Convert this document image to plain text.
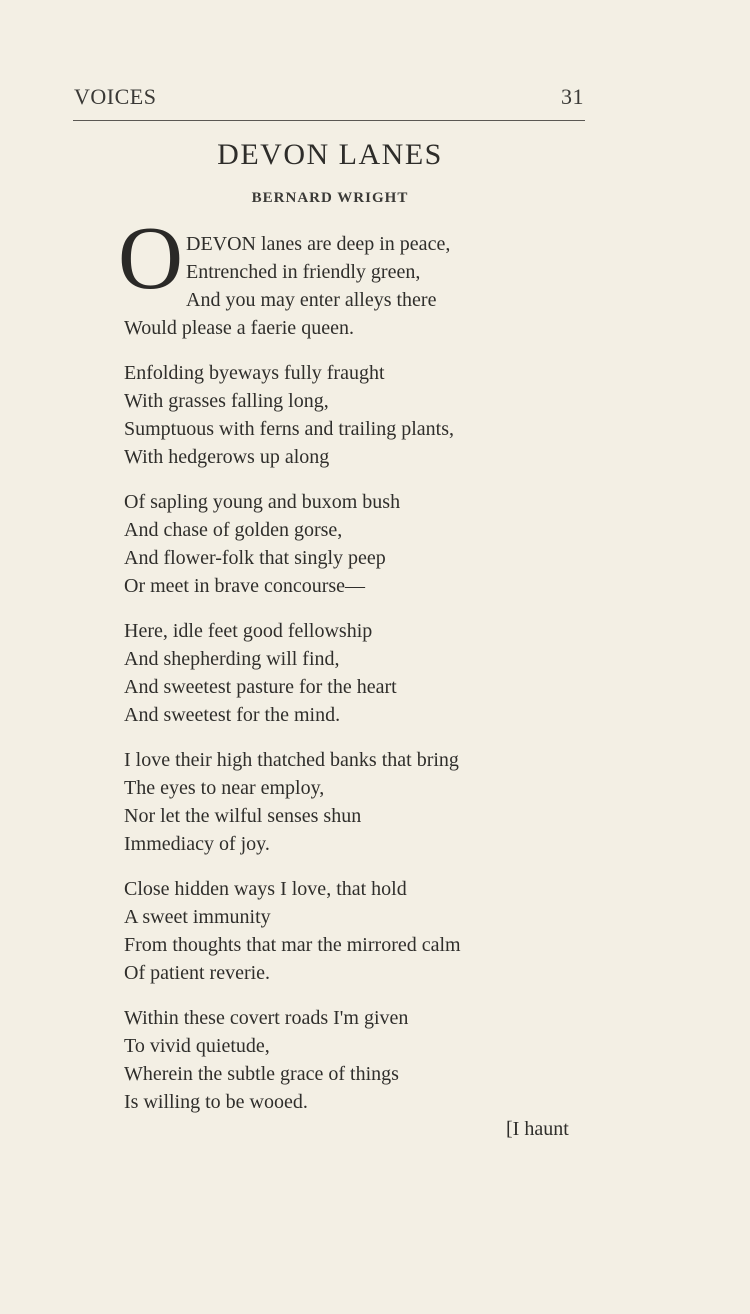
VOICES	31
DEVON LANES
BERNARD WRIGHT
O DEVON lanes are deep in peace,
Entrenched in friendly green,
And you may enter alleys there
Would please a faerie queen.
Enfolding byeways fully fraught
With grasses falling long,
Sumptuous with ferns and trailing plants,
With hedgerows up along
Of sapling young and buxom bush
And chase of golden gorse,
And flower-folk that singly peep
Or meet in brave concourse—
Here, idle feet good fellowship
And shepherding will find,
And sweetest pasture for the heart
And sweetest for the mind.
I love their high thatched banks that bring
The eyes to near employ,
Nor let the wilful senses shun
Immediacy of joy.
Close hidden ways I love, that hold
A sweet immunity
From thoughts that mar the mirrored calm
Of patient reverie.
Within these covert roads I'm given
To vivid quietude,
Wherein the subtle grace of things
Is willing to be wooed.
[I haunt
